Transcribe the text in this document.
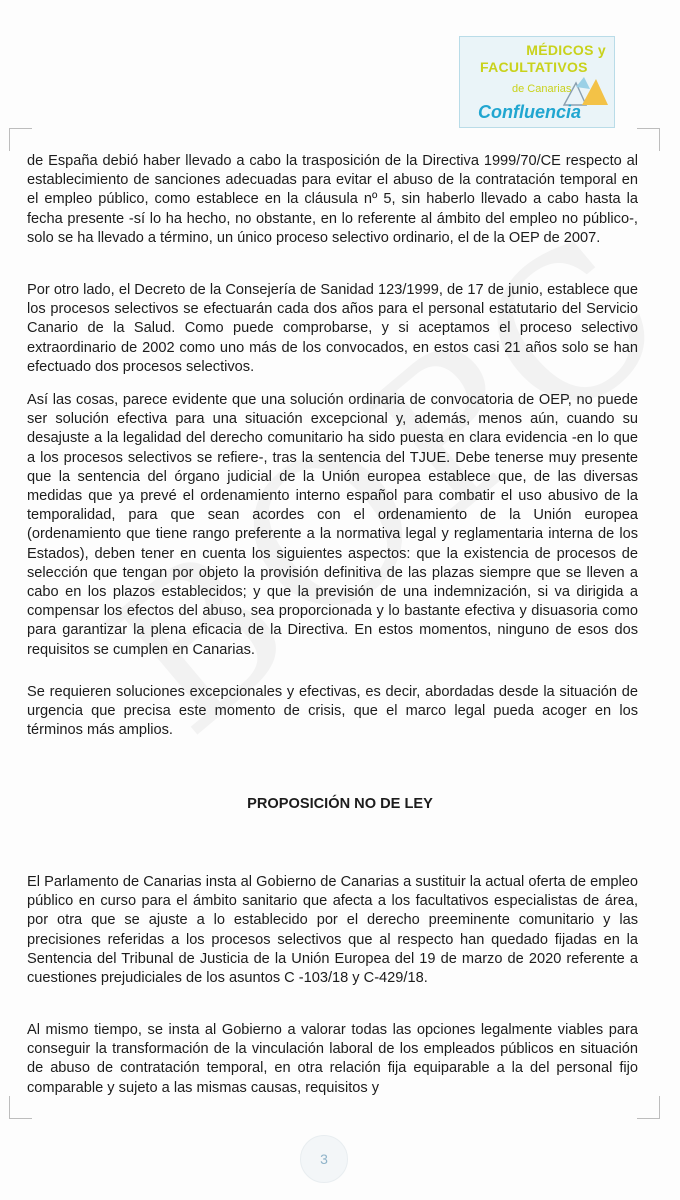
MÉDICOS y
FACULTATIVOS
de Canarias
Confluencia

de España debió haber llevado a cabo la trasposición de la Directiva 1999/70/CE respecto al establecimiento de sanciones adecuadas para evitar el abuso de la contratación temporal en el empleo público, como establece en la cláusula nº 5, sin haberlo llevado a cabo hasta la fecha presente -sí lo ha hecho, no obstante, en lo referente al ámbito del empleo no público-, solo se ha llevado a término, un único proceso selectivo ordinario, el de la OEP de 2007.

Por otro lado, el Decreto de la Consejería de Sanidad 123/1999, de 17 de junio, establece que los procesos selectivos se efectuarán cada dos años para el personal estatutario del Servicio Canario de la Salud. Como puede comprobarse, y si aceptamos el proceso selectivo extraordinario de 2002 como uno más de los convocados, en estos casi 21 años solo se han efectuado dos procesos selectivos.

Así las cosas, parece evidente que una solución ordinaria de convocatoria de OEP, no puede ser solución efectiva para una situación excepcional y, además, menos aún, cuando su desajuste a la legalidad del derecho comunitario ha sido puesta en clara evidencia -en lo que a los procesos selectivos se refiere-, tras la sentencia del TJUE. Debe tenerse muy presente que la sentencia del órgano judicial de la Unión europea establece que, de las diversas medidas que ya prevé el ordenamiento interno español para combatir el uso abusivo de la temporalidad, para que sean acordes con el ordenamiento de la Unión europea (ordenamiento que tiene rango preferente a la normativa legal y reglamentaria interna de los Estados), deben tener en cuenta los siguientes aspectos: que la existencia de procesos de selección que tengan por objeto la provisión definitiva de las plazas siempre que se lleven a cabo en los plazos establecidos; y que la previsión de una indemnización, si va dirigida a compensar los efectos del abuso, sea proporcionada y lo bastante efectiva y disuasoria como para garantizar la plena eficacia de la Directiva. En estos momentos, ninguno de esos dos requisitos se cumplen en Canarias.

Se requieren soluciones excepcionales y efectivas, es decir, abordadas desde la situación de urgencia que precisa este momento de crisis, que el marco legal pueda acoger en los términos más amplios.

PROPOSICIÓN NO DE LEY

El Parlamento de Canarias insta al Gobierno de Canarias a sustituir la actual oferta de empleo público en curso para el ámbito sanitario que afecta a los facultativos especialistas de área, por otra que se ajuste a lo establecido por el derecho preeminente comunitario y las precisiones referidas a los procesos selectivos que al respecto han quedado fijadas en la Sentencia del Tribunal de Justicia de la Unión Europea del 19 de marzo de 2020 referente a cuestiones prejudiciales de los asuntos C -103/18 y C-429/18.

Al mismo tiempo, se insta al Gobierno a valorar todas las opciones legalmente viables para conseguir la transformación de la vinculación laboral de los empleados públicos en situación de abuso de contratación temporal, en otra relación fija equiparable a la del personal fijo comparable y sujeto a las mismas causas, requisitos y

3
